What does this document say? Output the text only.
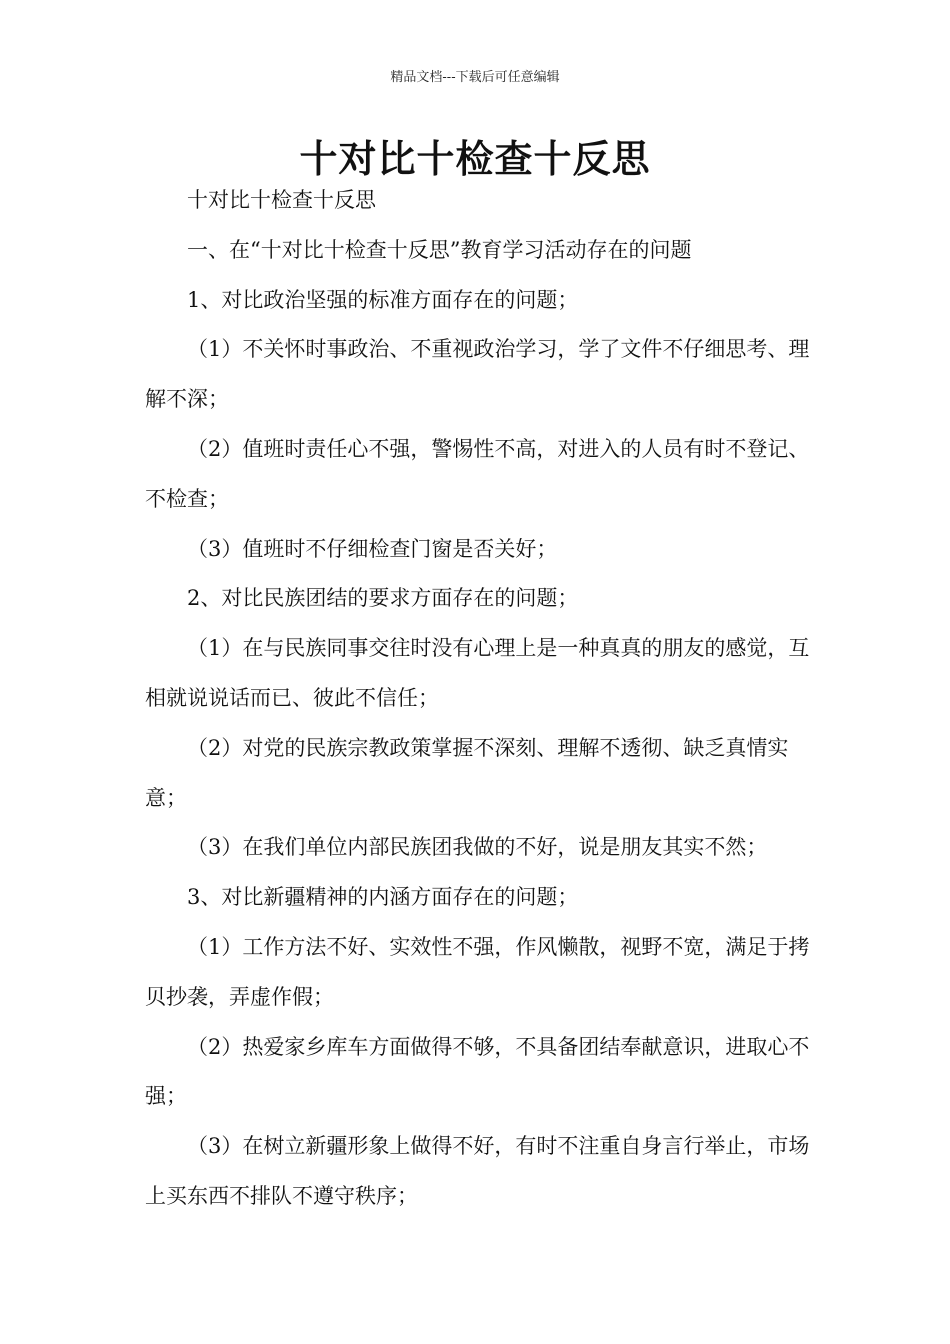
精品文档---下载后可任意编辑
十对比十检查十反思

十对比十检查十反思

一、在“十对比十检查十反思”教育学习活动存在的问题

1、对比政治坚强的标准方面存在的问题；

（1）不关怀时事政治、不重视政治学习，学了文件不仔细思考、理解不深；

（2）值班时责任心不强，警惕性不高，对进入的人员有时不登记、不检查；

（3）值班时不仔细检查门窗是否关好；

2、对比民族团结的要求方面存在的问题；

（1）在与民族同事交往时没有心理上是一种真真的朋友的感觉，互相就说说话而已、彼此不信任；

（2）对党的民族宗教政策掌握不深刻、理解不透彻、缺乏真情实意；

（3）在我们单位内部民族团我做的不好，说是朋友其实不然；

3、对比新疆精神的内涵方面存在的问题；

（1）工作方法不好、实效性不强，作风懒散，视野不宽，满足于拷贝抄袭，弄虚作假；

（2）热爱家乡库车方面做得不够，不具备团结奉献意识，进取心不强；

（3）在树立新疆形象上做得不好，有时不注重自身言行举止，市场上买东西不排队不遵守秩序；
